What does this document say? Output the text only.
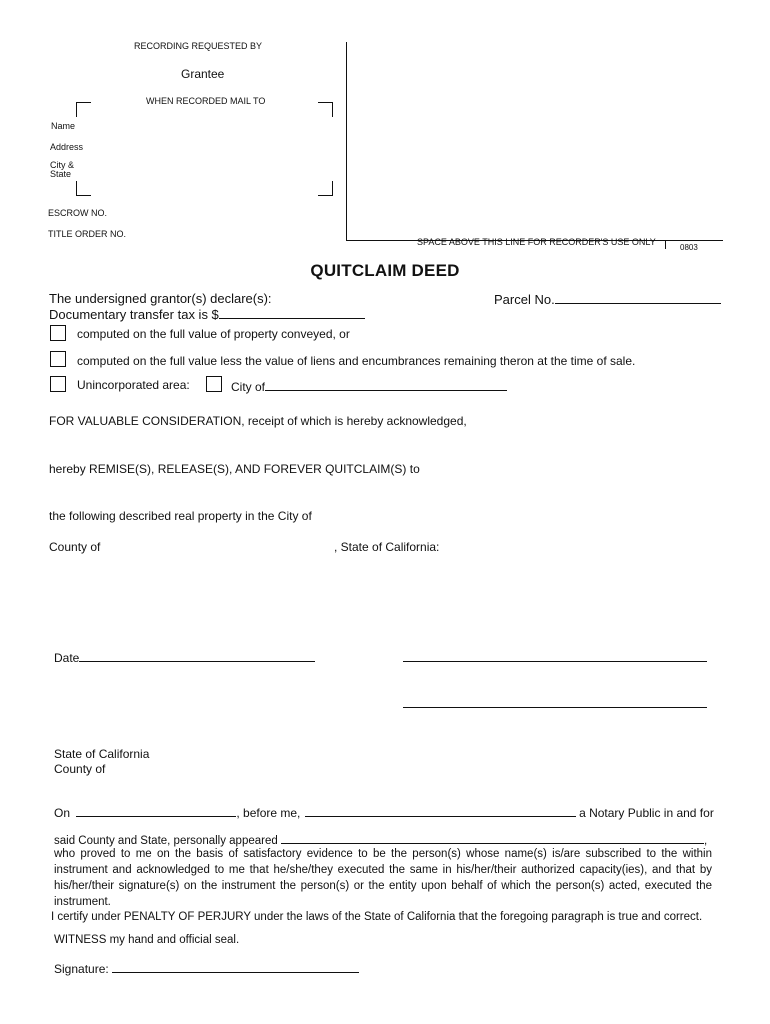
RECORDING REQUESTED BY
Grantee
WHEN RECORDED MAIL TO
Name
Address
City &
State
ESCROW NO.
TITLE ORDER NO.
SPACE ABOVE THIS LINE FOR RECORDER'S USE ONLY
0803
QUITCLAIM DEED
The undersigned grantor(s) declare(s):	Parcel No.
Documentary transfer tax is $
computed on the full value of property conveyed, or
computed on the full value less the value of liens and encumbrances remaining theron at the time of sale.
Unincorporated area:	City of
FOR VALUABLE CONSIDERATION, receipt of which is hereby acknowledged,
hereby REMISE(S), RELEASE(S), AND FOREVER QUITCLAIM(S) to
the following described real property in the City of
County of	, State of California:
Date
State of California
County of
On	, before me,	a Notary Public in and for
said County and State, personally appeared	,
who proved to me on the basis of satisfactory evidence to be the person(s) whose name(s) is/are subscribed to the within instrument and acknowledged to me that he/she/they executed the same in his/her/their authorized capacity(ies), and that by his/her/their signature(s) on the instrument the person(s) or the entity upon behalf of which the person(s) acted, executed the instrument.
I certify under PENALTY OF PERJURY under the laws of the State of California that the foregoing paragraph is true and correct.
WITNESS my hand and official seal.
Signature:
